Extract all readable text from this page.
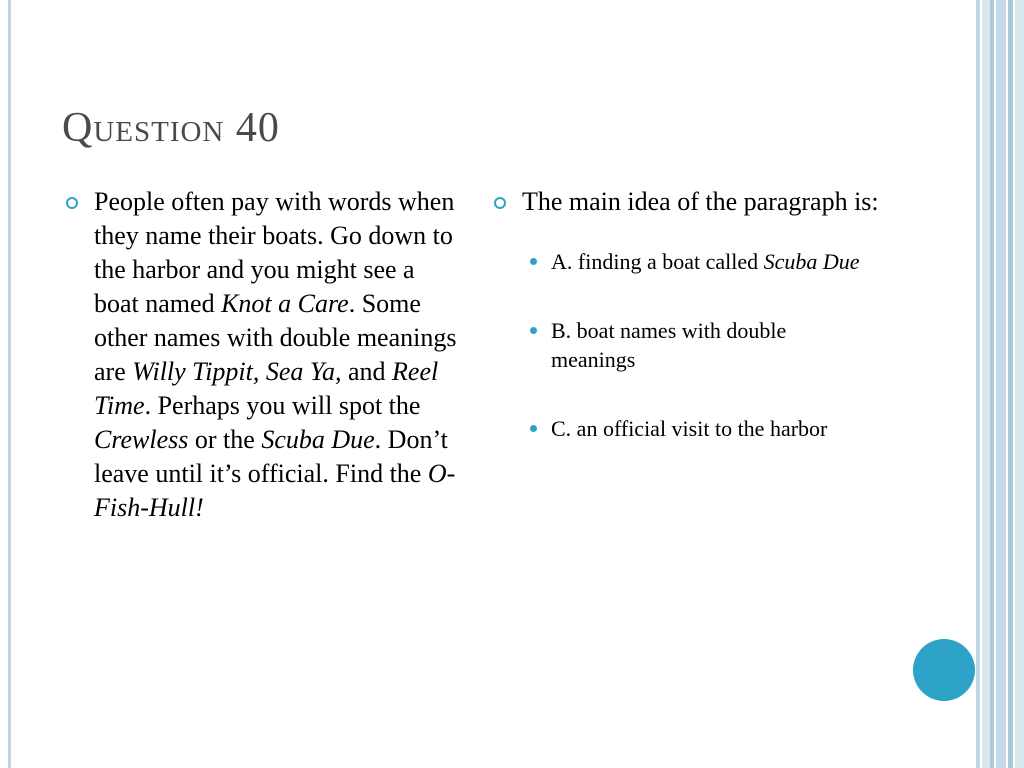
Question 40
People often pay with words when they name their boats. Go down to the harbor and you might see a boat named Knot a Care. Some other names with double meanings are Willy Tippit, Sea Ya, and Reel Time. Perhaps you will spot the Crewless or the Scuba Due. Don’t leave until it’s official. Find the O-Fish-Hull!
The main idea of the paragraph is:
A. finding a boat called Scuba Due
B. boat names with double meanings
C. an official visit to the harbor
